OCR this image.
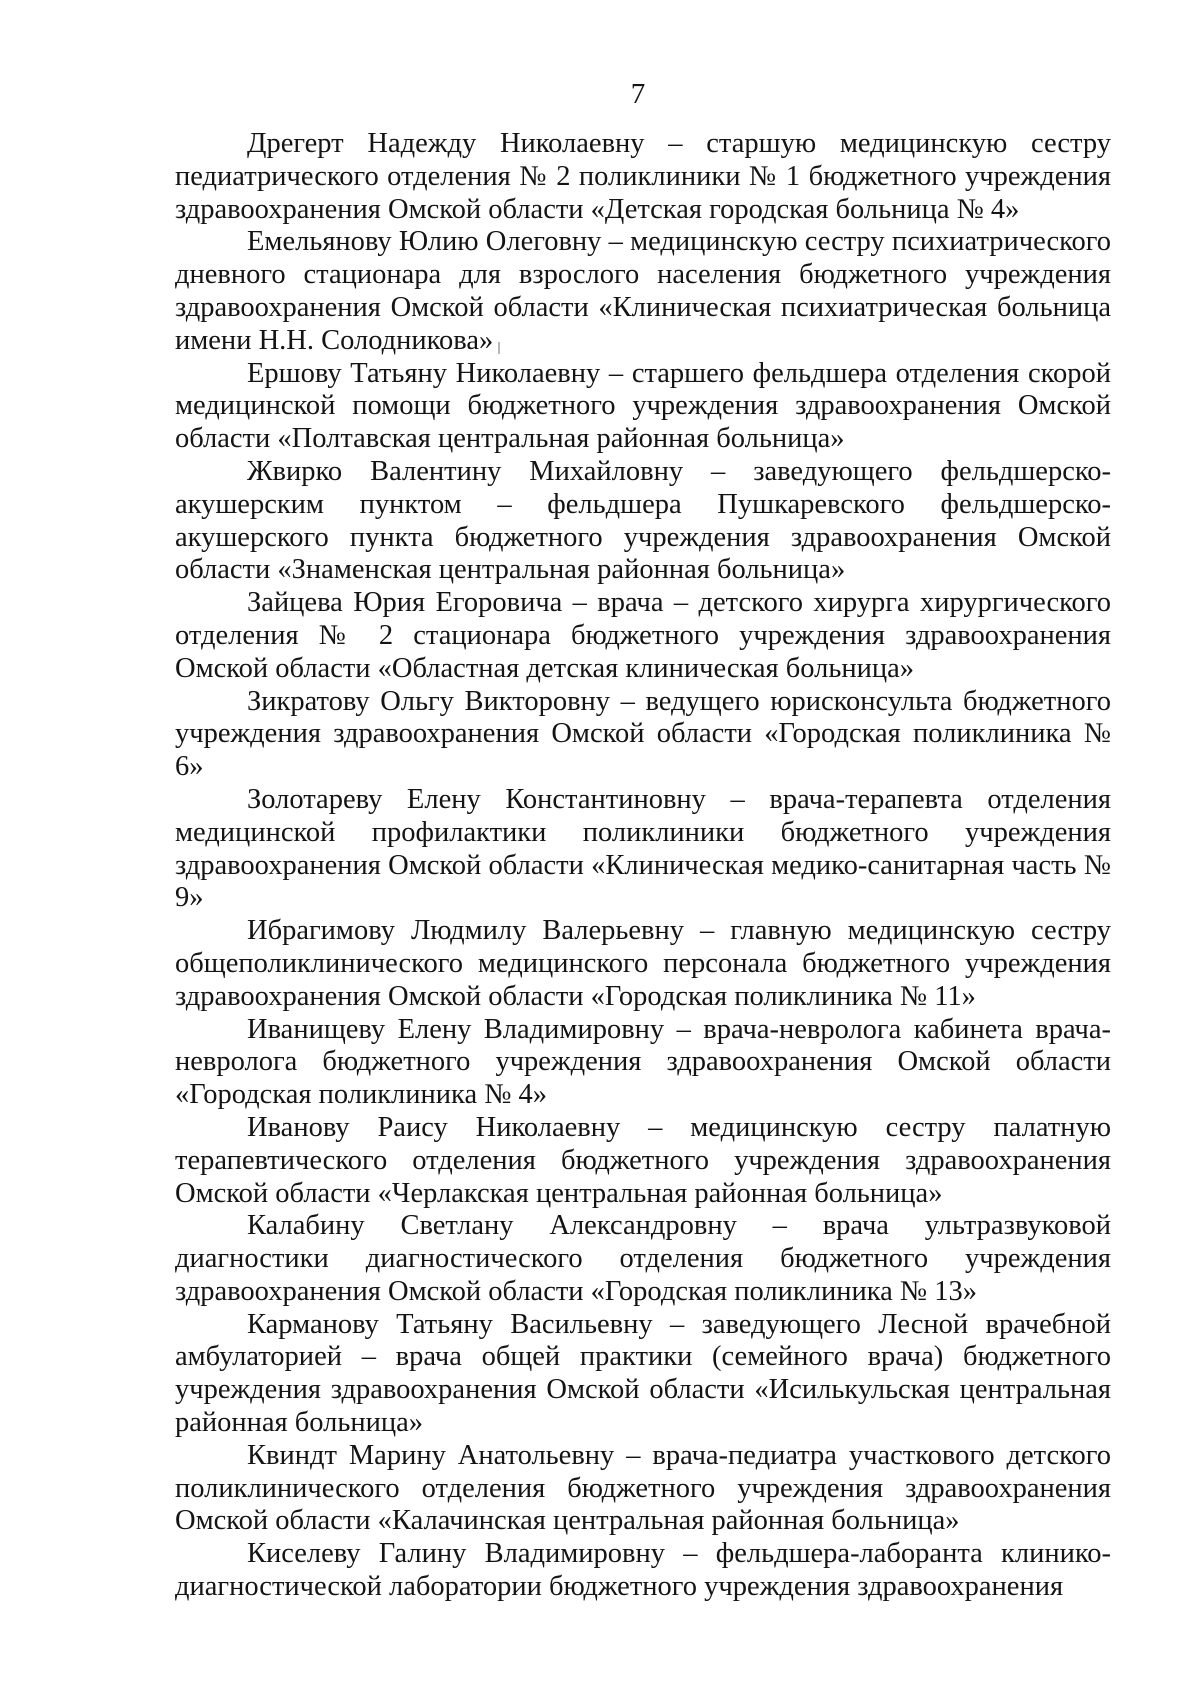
7

Дрегерт Надежду Николаевну – старшую медицинскую сестру педиатрического отделения № 2 поликлиники № 1 бюджетного учреждения здравоохранения Омской области «Детская городская больница № 4»

Емельянову Юлию Олеговну – медицинскую сестру психиатрического дневного стационара для взрослого населения бюджетного учреждения здравоохранения Омской области «Клиническая психиатрическая больница имени Н.Н. Солодникова»

Ершову Татьяну Николаевну – старшего фельдшера отделения скорой медицинской помощи бюджетного учреждения здравоохранения Омской области «Полтавская центральная районная больница»

Жвирко Валентину Михайловну – заведующего фельдшерско-акушерским пунктом – фельдшера Пушкаревского фельдшерско-акушерского пункта бюджетного учреждения здравоохранения Омской области «Знаменская центральная районная больница»

Зайцева Юрия Егоровича – врача – детского хирурга хирургического отделения № 2 стационара бюджетного учреждения здравоохранения Омской области «Областная детская клиническая больница»

Зикратову Ольгу Викторовну – ведущего юрисконсульта бюджетного учреждения здравоохранения Омской области «Городская поликлиника № 6»

Золотареву Елену Константиновну – врача-терапевта отделения медицинской профилактики поликлиники бюджетного учреждения здравоохранения Омской области «Клиническая медико-санитарная часть № 9»

Ибрагимову Людмилу Валерьевну – главную медицинскую сестру общеполиклинического медицинского персонала бюджетного учреждения здравоохранения Омской области «Городская поликлиника № 11»

Иванищеву Елену Владимировну – врача-невролога кабинета врача-невролога бюджетного учреждения здравоохранения Омской области «Городская поликлиника № 4»

Иванову Раису Николаевну – медицинскую сестру палатную терапевтического отделения бюджетного учреждения здравоохранения Омской области «Черлакская центральная районная больница»

Калабину Светлану Александровну – врача ультразвуковой диагностики диагностического отделения бюджетного учреждения здравоохранения Омской области «Городская поликлиника № 13»

Карманову Татьяну Васильевну – заведующего Лесной врачебной амбулаторией – врача общей практики (семейного врача) бюджетного учреждения здравоохранения Омской области «Исилькульская центральная районная больница»

Квиндт Марину Анатольевну – врача-педиатра участкового детского поликлинического отделения бюджетного учреждения здравоохранения Омской области «Калачинская центральная районная больница»

Киселеву Галину Владимировну – фельдшера-лаборанта клинико-диагностической лаборатории бюджетного учреждения здравоохранения
